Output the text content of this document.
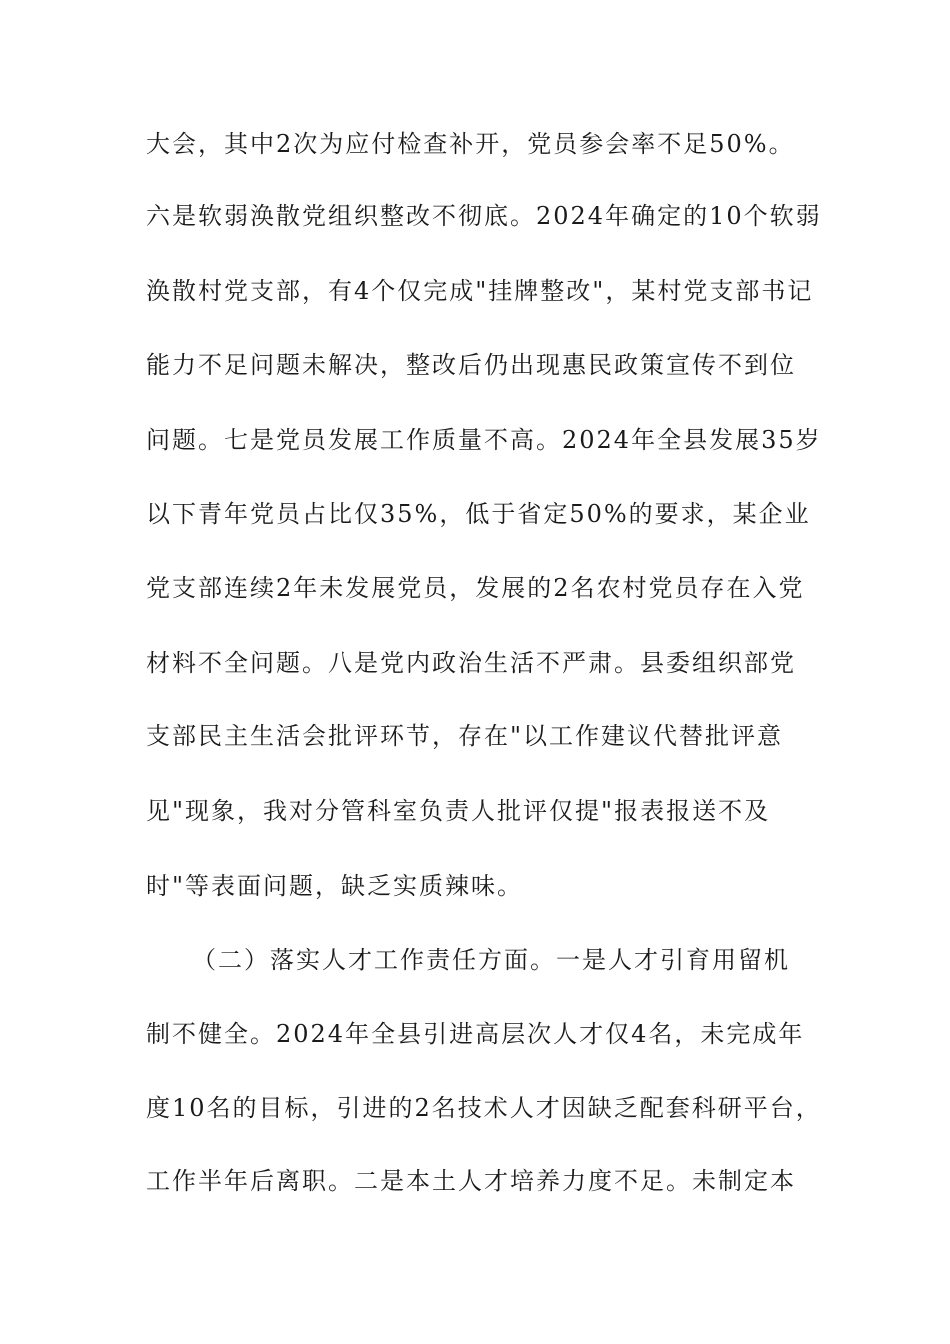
大会，其中2次为应付检查补开，党员参会率不足50%。
六是软弱涣散党组织整改不彻底。2024年确定的10个软弱
涣散村党支部，有4个仅完成"挂牌整改"，某村党支部书记
能力不足问题未解决，整改后仍出现惠民政策宣传不到位
问题。七是党员发展工作质量不高。2024年全县发展35岁
以下青年党员占比仅35%，低于省定50%的要求，某企业
党支部连续2年未发展党员，发展的2名农村党员存在入党
材料不全问题。八是党内政治生活不严肃。县委组织部党
支部民主生活会批评环节，存在"以工作建议代替批评意
见"现象，我对分管科室负责人批评仅提"报表报送不及
时"等表面问题，缺乏实质辣味。
（二）落实人才工作责任方面。一是人才引育用留机
制不健全。2024年全县引进高层次人才仅4名，未完成年
度10名的目标，引进的2名技术人才因缺乏配套科研平台，
工作半年后离职。二是本土人才培养力度不足。未制定本
